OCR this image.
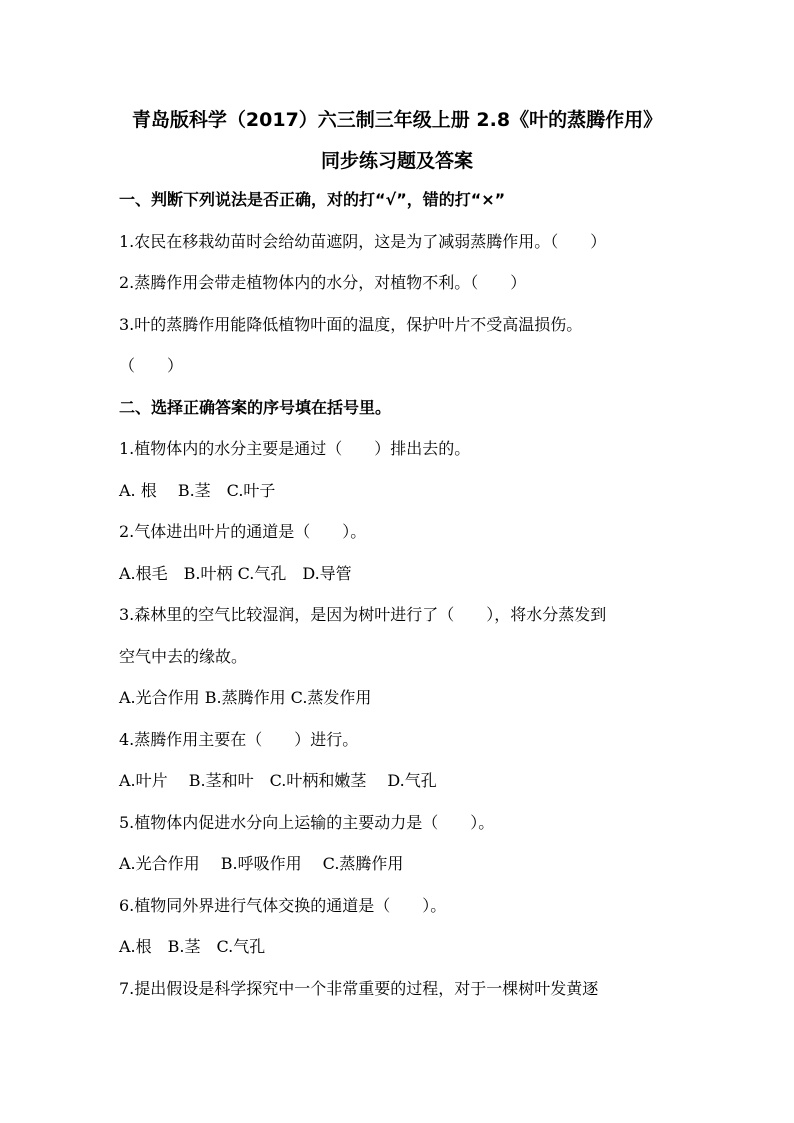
青岛版科学（2017）六三制三年级上册 2.8《叶的蒸腾作用》
同步练习题及答案
一、判断下列说法是否正确，对的打“√”，错的打“×”
1.农民在移栽幼苗时会给幼苗遮阴，这是为了减弱蒸腾作用。（　　）
2.蒸腾作用会带走植物体内的水分，对植物不利。（　　）
3.叶的蒸腾作用能降低植物叶面的温度，保护叶片不受高温损伤。
（　　）
二、选择正确答案的序号填在括号里。
1.植物体内的水分主要是通过（　　）排出去的。
A. 根　 B.茎　C.叶子
2.气体进出叶片的通道是（　　）。
A.根毛　B.叶柄 C.气孔　D.导管
3.森林里的空气比较湿润，是因为树叶进行了（　　），将水分蒸发到
空气中去的缘故。
A.光合作用 B.蒸腾作用 C.蒸发作用
4.蒸腾作用主要在（　　）进行。
A.叶片　 B.茎和叶　C.叶柄和嫩茎　 D.气孔
5.植物体内促进水分向上运输的主要动力是（　　）。
A.光合作用　 B.呼吸作用　 C.蒸腾作用
6.植物同外界进行气体交换的通道是（　　）。
A.根　B.茎　C.气孔
7.提出假设是科学探究中一个非常重要的过程，对于一棵树叶发黄逐
